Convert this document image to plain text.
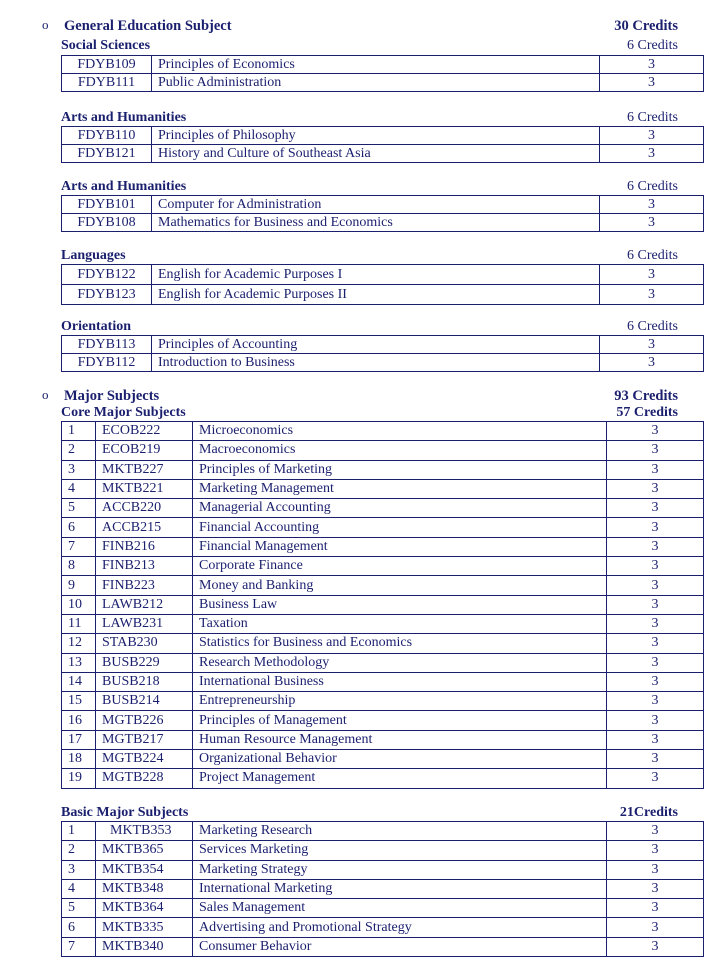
o General Education Subject	30 Credits
Social Sciences	6 Credits
FDYB109	Principles of Economics	3
FDYB111	Public Administration	3
Arts and Humanities	6 Credits
FDYB110	Principles of Philosophy	3
FDYB121	History and Culture of Southeast Asia	3
Arts and Humanities	6 Credits
FDYB101	Computer for Administration	3
FDYB108	Mathematics for Business and Economics	3
Languages	6 Credits
FDYB122	English for Academic Purposes I	3
FDYB123	English for Academic Purposes II	3
Orientation	6 Credits
FDYB113	Principles of Accounting	3
FDYB112	Introduction to Business	3
o Major Subjects	93 Credits
Core Major Subjects	57 Credits
1	ECOB222	Microeconomics	3
2	ECOB219	Macroeconomics	3
3	MKTB227	Principles of Marketing	3
4	MKTB221	Marketing Management	3
5	ACCB220	Managerial Accounting	3
6	ACCB215	Financial Accounting	3
7	FINB216	Financial Management	3
8	FINB213	Corporate Finance	3
9	FINB223	Money and Banking	3
10	LAWB212	Business Law	3
11	LAWB231	Taxation	3
12	STAB230	Statistics for Business and Economics	3
13	BUSB229	Research Methodology	3
14	BUSB218	International Business	3
15	BUSB214	Entrepreneurship	3
16	MGTB226	Principles of Management	3
17	MGTB217	Human Resource Management	3
18	MGTB224	Organizational Behavior	3
19	MGTB228	Project Management	3
Basic Major Subjects	21Credits
1	MKTB353	Marketing Research	3
2	MKTB365	Services Marketing	3
3	MKTB354	Marketing Strategy	3
4	MKTB348	International Marketing	3
5	MKTB364	Sales Management	3
6	MKTB335	Advertising and Promotional Strategy	3
7	MKTB340	Consumer Behavior	3
